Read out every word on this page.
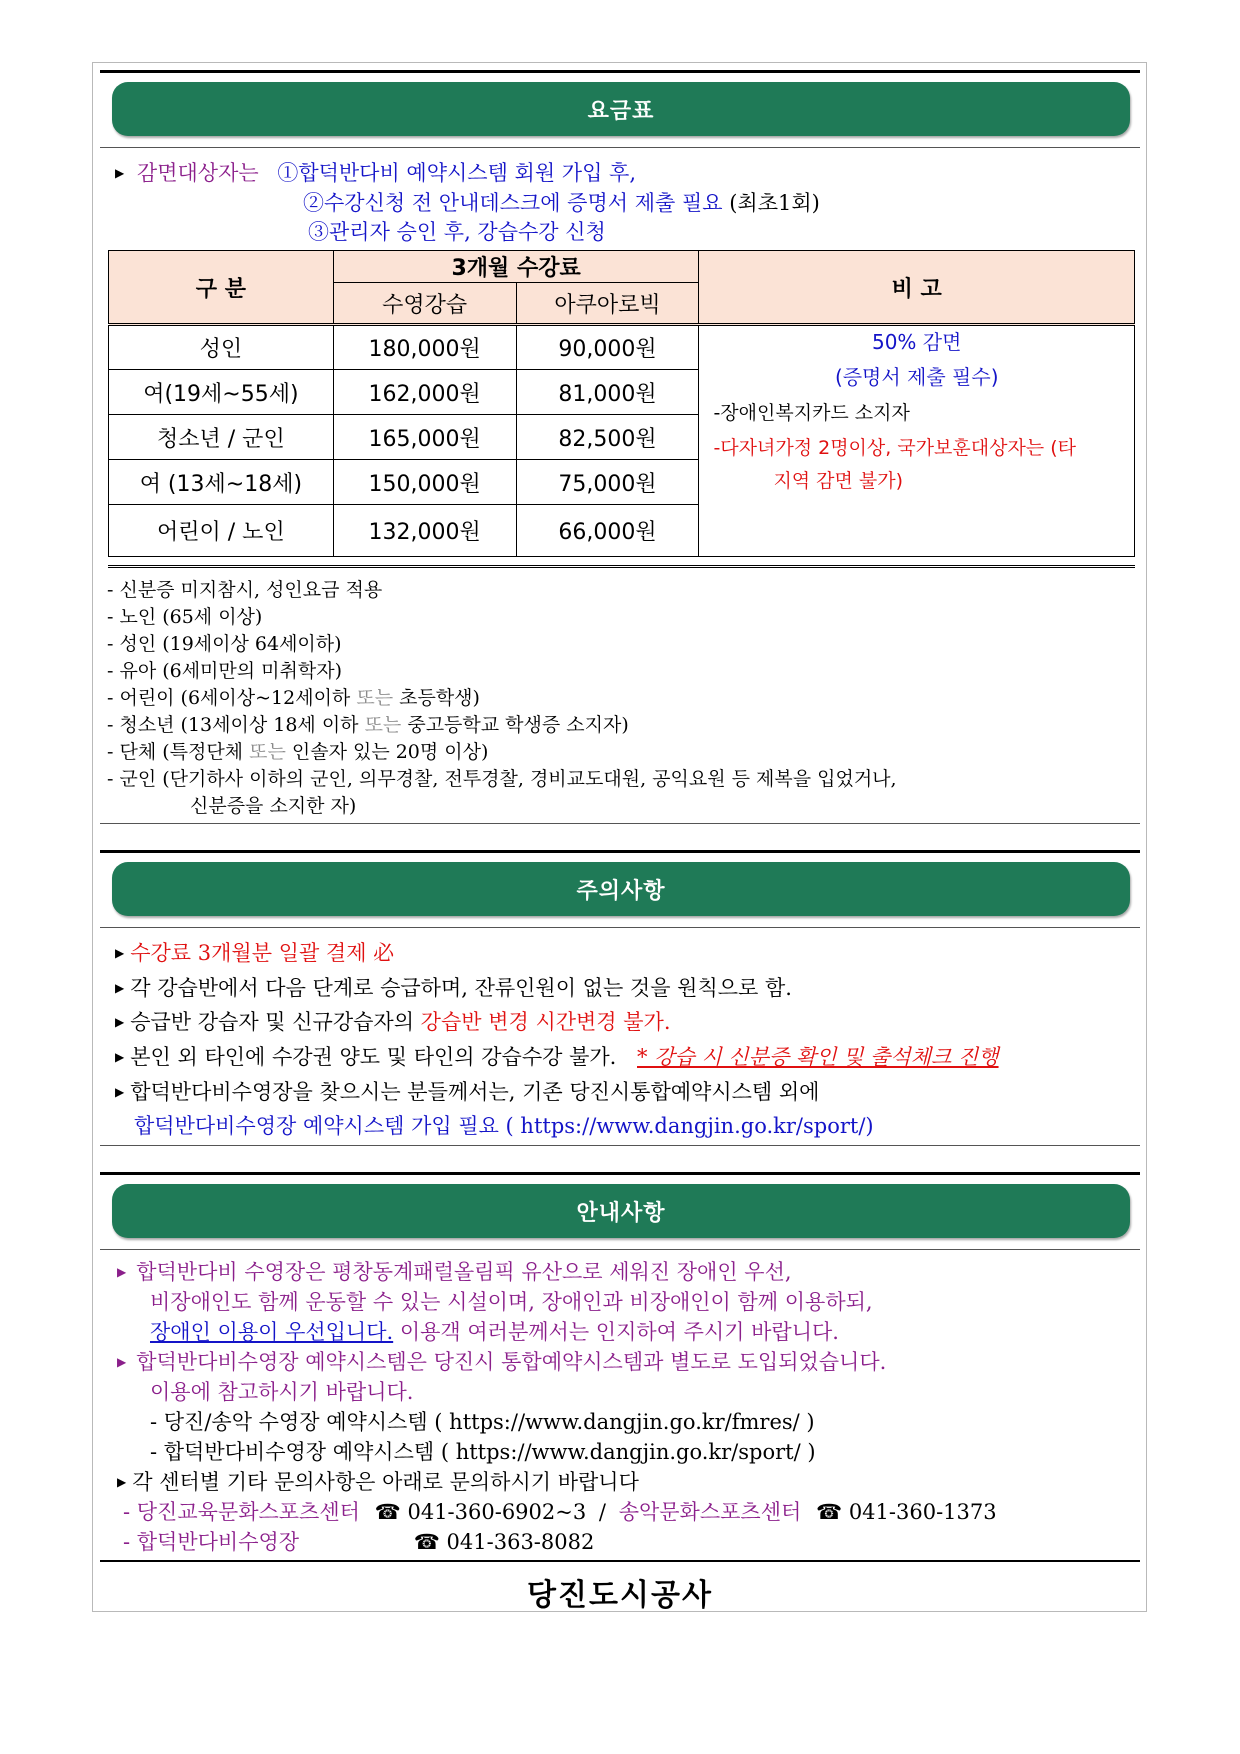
요금표
▶ 감면대상자는 ①합덕반다비 예약시스템 회원 가입 후,
②수강신청 전 안내데스크에 증명서 제출 필요 (최초1회)
③관리자 승인 후, 강습수강 신청
구 분	3개월 수강료		비 고
	수영강습	아쿠아로빅	
성인	180,000원	90,000원	50% 감면
(증명서 제출 필수)
-장애인복지카드 소지자
-다자녀가정 2명이상, 국가보훈대상자는 (타
지역 감면 불가)

여(19세~55세)	162,000원	81,000원	
청소년 / 군인	165,000원	82,500원	
여 (13세~18세)	150,000원	75,000원	
어린이 / 노인	132,000원	66,000원	
- 신분증 미지참시, 성인요금 적용
- 노인 (65세 이상)
- 성인 (19세이상 64세이하)
- 유아 (6세미만의 미취학자)
- 어린이 (6세이상~12세이하 또는 초등학생)
- 청소년 (13세이상 18세 이하 또는 중고등학교 학생증 소지자)
- 단체 (특정단체 또는 인솔자 있는 20명 이상)
- 군인 (단기하사 이하의 군인, 의무경찰, 전투경찰, 경비교도대원, 공익요원 등 제복을 입었거나,
신분증을 소지한 자)
주의사항
▶ 수강료 3개월분 일괄 결제 必
▶ 각 강습반에서 다음 단계로 승급하며, 잔류인원이 없는 것을 원칙으로 함.
▶ 승급반 강습자 및 신규강습자의 강습반 변경 시간변경 불가.
▶ 본인 외 타인에 수강권 양도 및 타인의 강습수강 불가. * 강습 시 신분증 확인 및 출석체크 진행
▶ 합덕반다비수영장을 찾으시는 분들께서는, 기존 당진시통합예약시스템 외에
합덕반다비수영장 예약시스템 가입 필요 ( https://www.dangjin.go.kr/sport/)
안내사항
▶ 합덕반다비 수영장은 평창동계패럴올림픽 유산으로 세워진 장애인 우선,
비장애인도 함께 운동할 수 있는 시설이며, 장애인과 비장애인이 함께 이용하되,
장애인 이용이 우선입니다. 이용객 여러분께서는 인지하여 주시기 바랍니다.
▶ 합덕반다비수영장 예약시스템은 당진시 통합예약시스템과 별도로 도입되었습니다.
이용에 참고하시기 바랍니다.
- 당진/송악 수영장 예약시스템 ( https://www.dangjin.go.kr/fmres/ )
- 합덕반다비수영장 예약시스템 ( https://www.dangjin.go.kr/sport/ )
▶ 각 센터별 기타 문의사항은 아래로 문의하시기 바랍니다
- 당진교육문화스포츠센터 ☎ 041-360-6902~3 / 송악문화스포츠센터 ☎ 041-360-1373
- 합덕반다비수영장	☎ 041-363-8082
당진도시공사
